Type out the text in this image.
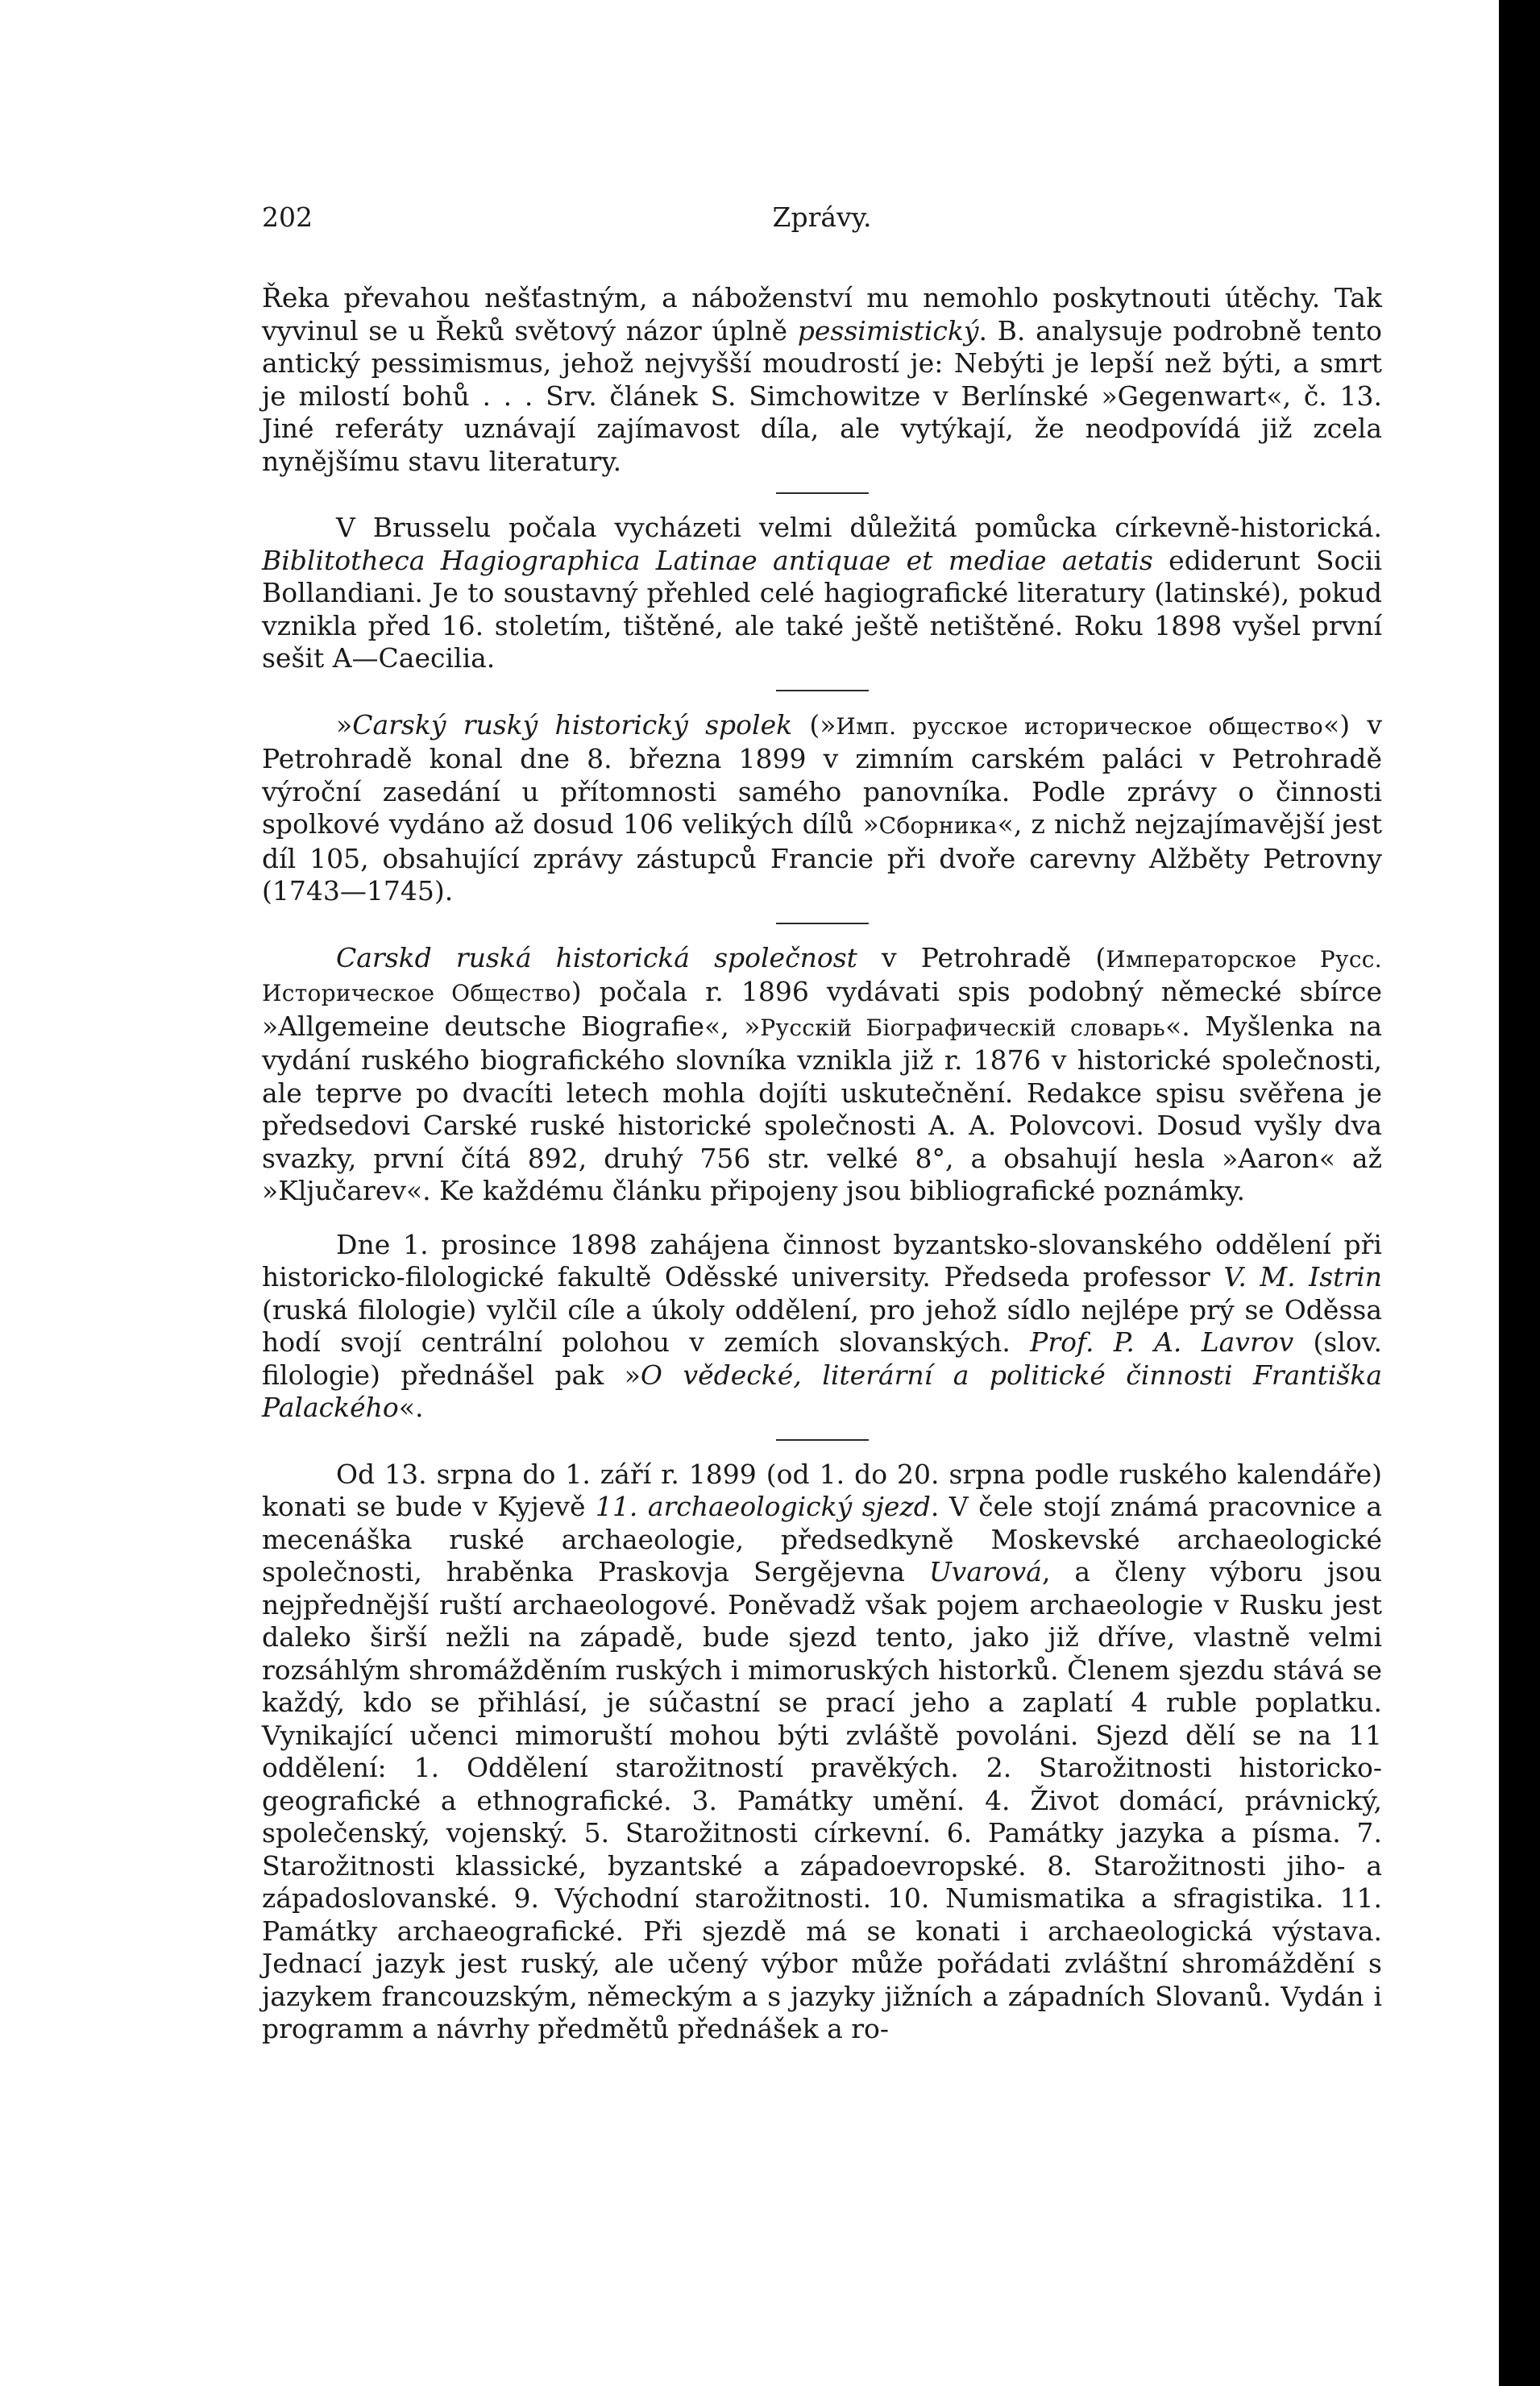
202	Zprávy.

Řeka převahou nešťastným, a náboženství mu nemohlo poskytnouti útěchy. Tak vyvinul se u Řeků světový názor úplně pessimistický. B. analysuje podrobně tento antický pessimismus, jehož nejvyšší moudrostí je: Nebýti je lepší než býti, a smrt je milostí bohů . . . Srv. článek S. Simchowitze v Berlínské »Gegenwart«, č. 13. Jiné referáty uznávají zajímavost díla, ale vytýkají, že neodpovídá již zcela nynějšímu stavu literatury.

V Brusselu počala vycházeti velmi důležitá pomůcka církevně-historická. Biblitotheca Hagiographica Latinae antiquae et mediae aetatis ediderunt Socii Bollandiani. Je to soustavný přehled celé hagiografické literatury (latinské), pokud vznikla před 16. stoletím, tištěné, ale také ještě netištěné. Roku 1898 vyšel první sešit A—Caecilia.

»Carský ruský historický spolek (»Имп. русское историческое общество«) v Petrohradě konal dne 8. března 1899 v zimním carském paláci v Petrohradě výroční zasedání u přítomnosti samého panovníka. Podle zprávy o činnosti spolkové vydáno až dosud 106 velikých dílů »Сборника«, z nichž nejzajímavější jest díl 105, obsahující zprávy zástupců Francie při dvoře carevny Alžběty Petrovny (1743—1745).

Carskd ruská historická společnost v Petrohradě (Императорское Русс. Историческое Общество) počala r. 1896 vydávati spis podobný německé sbírce »Allgemeine deutsche Biografie«, »Русскій Біографическій словарь«. Myšlenka na vydání ruského biografického slovníka vznikla již r. 1876 v historické společnosti, ale teprve po dvacíti letech mohla dojíti uskutečnění. Redakce spisu svěřena je předsedovi Carské ruské historické společnosti A. A. Polovcovi. Dosud vyšly dva svazky, první čítá 892, druhý 756 str. velké 8°, a obsahují hesla »Aaron« až »Ključarev«. Ke každému článku připojeny jsou bibliografické poznámky.

Dne 1. prosince 1898 zahájena činnost byzantsko-slovanského oddělení při historicko-filologické fakultě Oděsské university. Předseda professor V. M. Istrin (ruská filologie) vylčil cíle a úkoly oddělení, pro jehož sídlo nejlépe prý se Oděssa hodí svojí centrální polohou v zemích slovanských. Prof. P. A. Lavrov (slov. filologie) přednášel pak »O vědecké, literární a politické činnosti Františka Palackého«.

Od 13. srpna do 1. září r. 1899 (od 1. do 20. srpna podle ruského kalendáře) konati se bude v Kyjevě 11. archaeologický sjezd. V čele stojí známá pracovnice a mecenáška ruské archaeologie, předsedkyně Moskevské archaeologické společnosti, hraběnka Praskovja Sergějevna Uvarová, a členy výboru jsou nejpřednější ruští archaeologové. Poněvadž však pojem archaeologie v Rusku jest daleko širší nežli na západě, bude sjezd tento, jako již dříve, vlastně velmi rozsáhlým shromážděním ruských i mimoruských historků. Členem sjezdu stává se každý, kdo se přihlásí, je súčastní se prací jeho a zaplatí 4 ruble poplatku. Vynikající učenci mimoruští mohou býti zvláště povoláni. Sjezd dělí se na 11 oddělení: 1. Oddělení starožitností pravěkých. 2. Starožitnosti historicko-geografické a ethnografické. 3. Památky umění. 4. Život domácí, právnický, společenský, vojenský. 5. Starožitnosti církevní. 6. Památky jazyka a písma. 7. Starožitnosti klassické, byzantské a západoevropské. 8. Starožitnosti jiho- a západoslovanské. 9. Východní starožitnosti. 10. Numismatika a sfragistika. 11. Památky archaeografické. Při sjezdě má se konati i archaeologická výstava. Jednací jazyk jest ruský, ale učený výbor může pořádati zvláštní shromáždění s jazykem francouzským, německým a s jazyky jižních a západních Slovanů. Vydán i programm a návrhy předmětů přednášek a ro-
